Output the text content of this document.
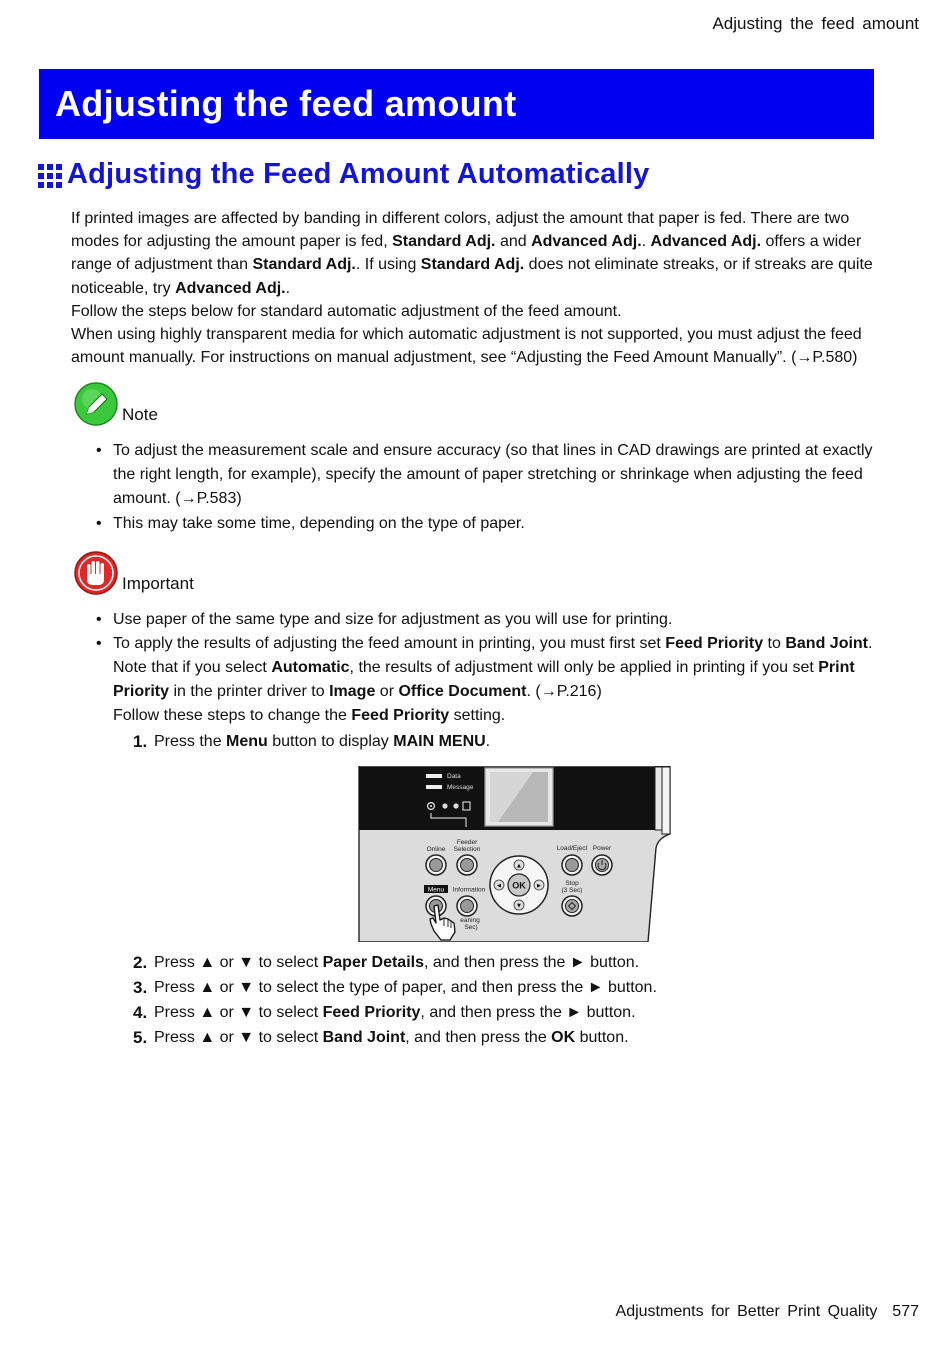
Adjusting the feed amount
Adjusting the feed amount
Adjusting the Feed Amount Automatically

If printed images are affected by banding in different colors, adjust the amount that paper is fed. There are two modes for adjusting the amount paper is fed, Standard Adj. and Advanced Adj.. Advanced Adj. offers a wider range of adjustment than Standard Adj.. If using Standard Adj. does not eliminate streaks, or if streaks are quite noticeable, try Advanced Adj..

Follow the steps below for standard automatic adjustment of the feed amount.

When using highly transparent media for which automatic adjustment is not supported, you must adjust the feed amount manually. For instructions on manual adjustment, see “Adjusting the Feed Amount Manually”. (→P.580)

Note
• To adjust the measurement scale and ensure accuracy (so that lines in CAD drawings are printed at exactly the right length, for example), specify the amount of paper stretching or shrinkage when adjusting the feed amount. (→P.583)
• This may take some time, depending on the type of paper.
Important
• Use paper of the same type and size for adjustment as you will use for printing.
• To apply the results of adjusting the feed amount in printing, you must first set Feed Priority to Band Joint. Note that if you select Automatic, the results of adjustment will only be applied in printing if you set Print Priority in the printer driver to Image or Office Document. (→P.216)
Follow these steps to change the Feed Priority setting.
1. Press the Menu button to display MAIN MENU.
Data
Message
Feeder
Selection
Online	Load/Eject Power
OK
▲
▼
◄	►
Menu Information
Stop
(3 Sec)
eaning
Sec)
2. Press ▲ or ▼ to select Paper Details, and then press the ► button.
3. Press ▲ or ▼ to select the type of paper, and then press the ► button.
4. Press ▲ or ▼ to select Feed Priority, and then press the ► button.
5. Press ▲ or ▼ to select Band Joint, and then press the OK button.
Adjustments for Better Print Quality 577
